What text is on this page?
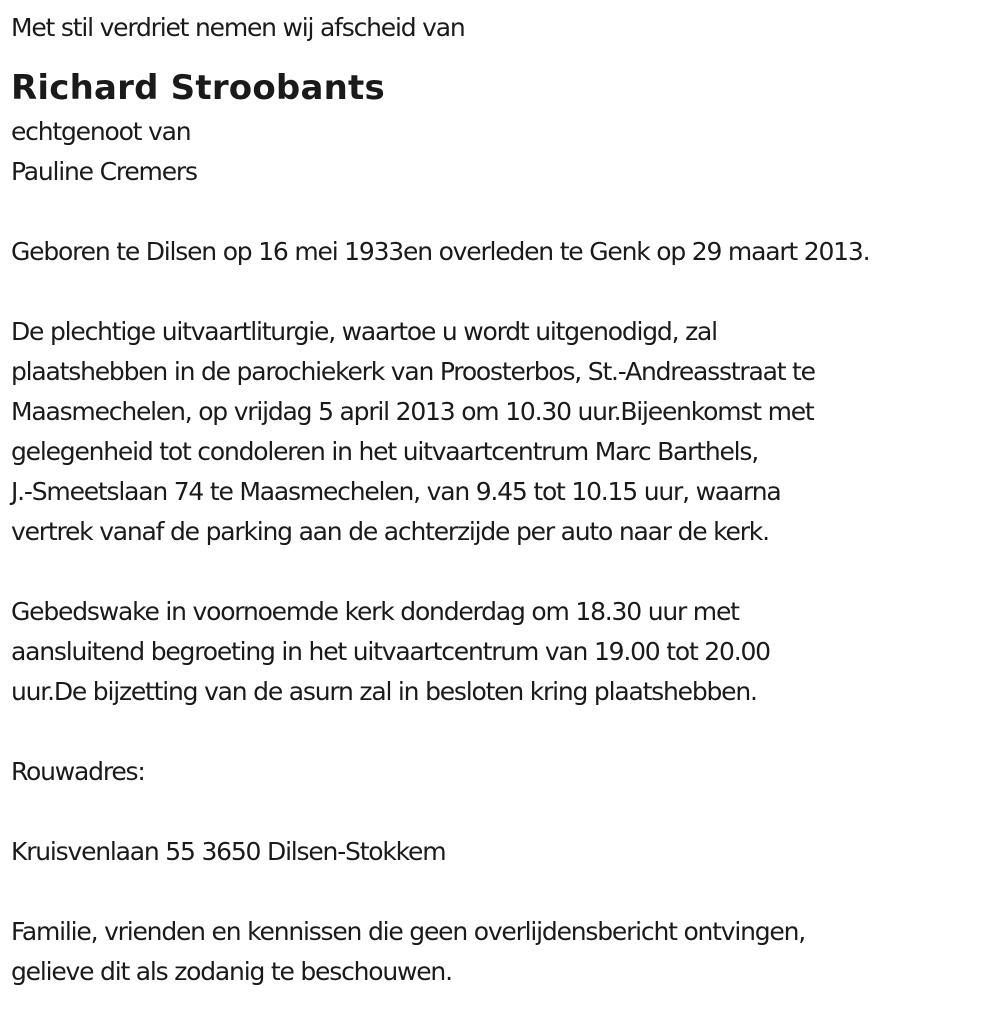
Met stil verdriet nemen wij afscheid van
Richard Stroobants
echtgenoot van
Pauline Cremers
Geboren te Dilsen op 16 mei 1933en overleden te Genk op 29 maart 2013.
De plechtige uitvaartliturgie, waartoe u wordt uitgenodigd, zal
plaatshebben in de parochiekerk van Proosterbos, St.-Andreasstraat te
Maasmechelen, op vrijdag 5 april 2013 om 10.30 uur.Bijeenkomst met
gelegenheid tot condoleren in het uitvaartcentrum Marc Barthels,
J.-Smeetslaan 74 te Maasmechelen, van 9.45 tot 10.15 uur, waarna
vertrek vanaf de parking aan de achterzijde per auto naar de kerk.
Gebedswake in voornoemde kerk donderdag om 18.30 uur met
aansluitend begroeting in het uitvaartcentrum van 19.00 tot 20.00
uur.De bijzetting van de asurn zal in besloten kring plaatshebben.
Rouwadres:
Kruisvenlaan 55 3650 Dilsen-Stokkem
Familie, vrienden en kennissen die geen overlijdensbericht ontvingen,
gelieve dit als zodanig te beschouwen.
